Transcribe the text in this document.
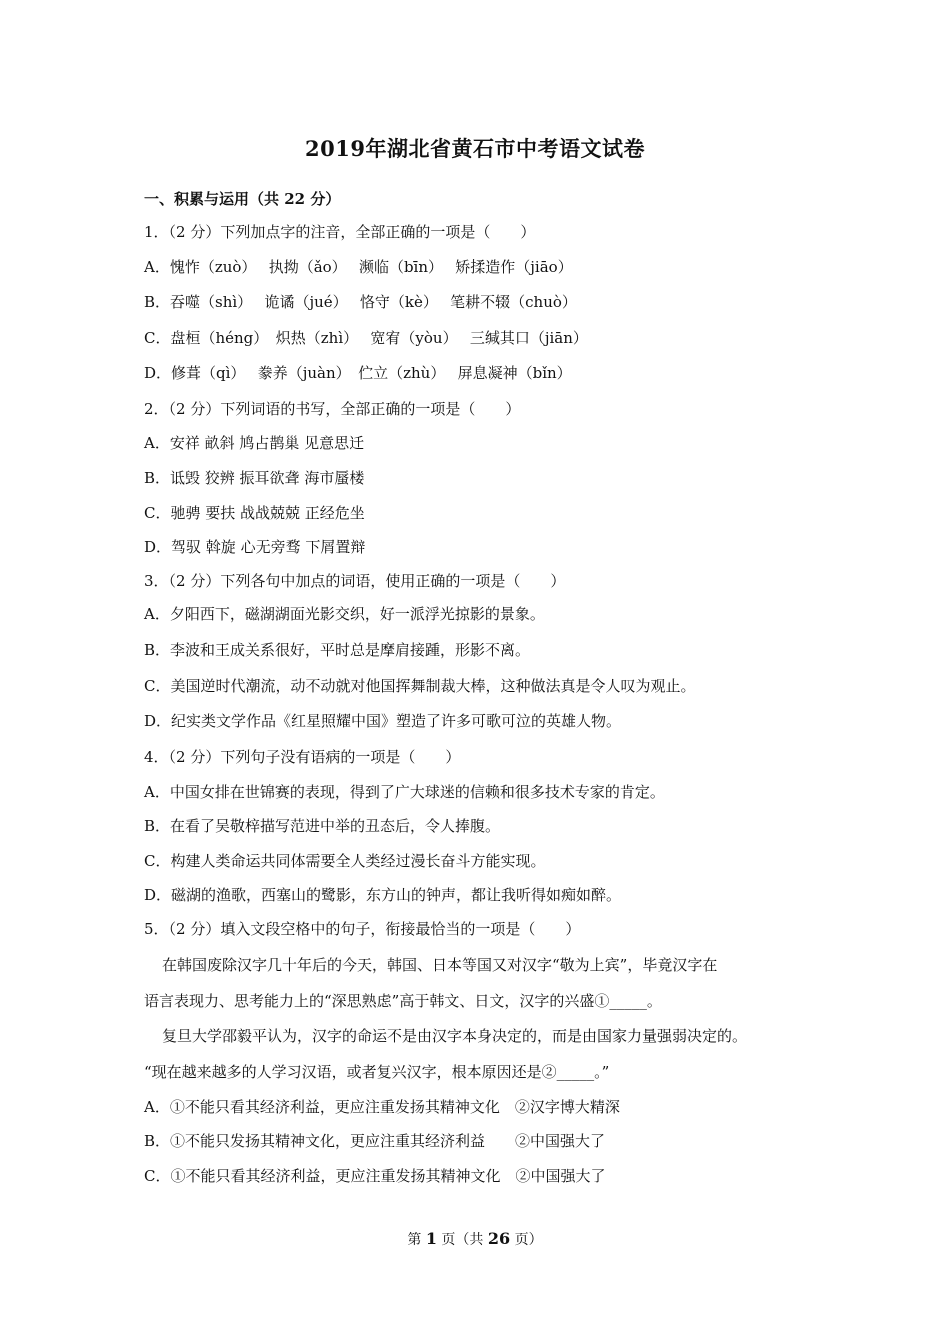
2019年湖北省黄石市中考语文试卷
一、积累与运用（共 22 分）
1．（2 分）下列加点字的注音，全部正确的一项是（　　）
A．愧怍（zuò）　 执拗（ǎo）　 濒临（bīn）　 矫揉造作（jiāo）
B．吞噬（shì）　 诡谲（jué）　 恪守（kè）　 笔耕不辍（chuò）
C．盘桓（héng）　炽热（zhì）　 宽宥（yòu）　 三缄其口（jiān）
D．修葺（qì）　 豢养（juàn）　伫立（zhù）　 屏息凝神（bǐn）
2．（2 分）下列词语的书写，全部正确的一项是（　　）
A．安祥 畝斜 鸠占鹊巢 见意思迁
B．诋毁 狡辨 振耳欲聋 海市蜃楼
C．驰骋 要扶 战战兢兢 正经危坐
D．驾驭 斡旋 心无旁骛 下屑置辩
3．（2 分）下列各句中加点的词语，使用正确的一项是（　　）
A．夕阳西下，磁湖湖面光影交织，好一派浮光掠影的景象。
B．李波和王成关系很好，平时总是摩肩接踵，形影不离。
C．美国逆时代潮流，动不动就对他国挥舞制裁大棒，这种做法真是令人叹为观止。
D．纪实类文学作品《红星照耀中国》塑造了许多可歌可泣的英雄人物。
4．（2 分）下列句子没有语病的一项是（　　）
A．中国女排在世锦赛的表现，得到了广大球迷的信赖和很多技术专家的肯定。
B．在看了吴敬梓描写范进中举的丑态后，令人捧腹。
C．构建人类命运共同体需要全人类经过漫长奋斗方能实现。
D．磁湖的渔歌，西塞山的鹭影，东方山的钟声，都让我听得如痴如醉。
5．（2 分）填入文段空格中的句子，衔接最恰当的一项是（　　）
在韩国废除汉字几十年后的今天，韩国、日本等国又对汉字“敬为上宾”，毕竟汉字在
语言表现力、思考能力上的“深思熟虑”高于韩文、日文，汉字的兴盛①_____。
复旦大学邵毅平认为，汉字的命运不是由汉字本身决定的，而是由国家力量强弱决定的。
“现在越来越多的人学习汉语，或者复兴汉字，根本原因还是②_____。”
A．①不能只看其经济利益，更应注重发扬其精神文化　②汉字博大精深
B．①不能只发扬其精神文化，更应注重其经济利益　　②中国强大了
C．①不能只看其经济利益，更应注重发扬其精神文化　②中国强大了
第 1 页（共 26 页）
